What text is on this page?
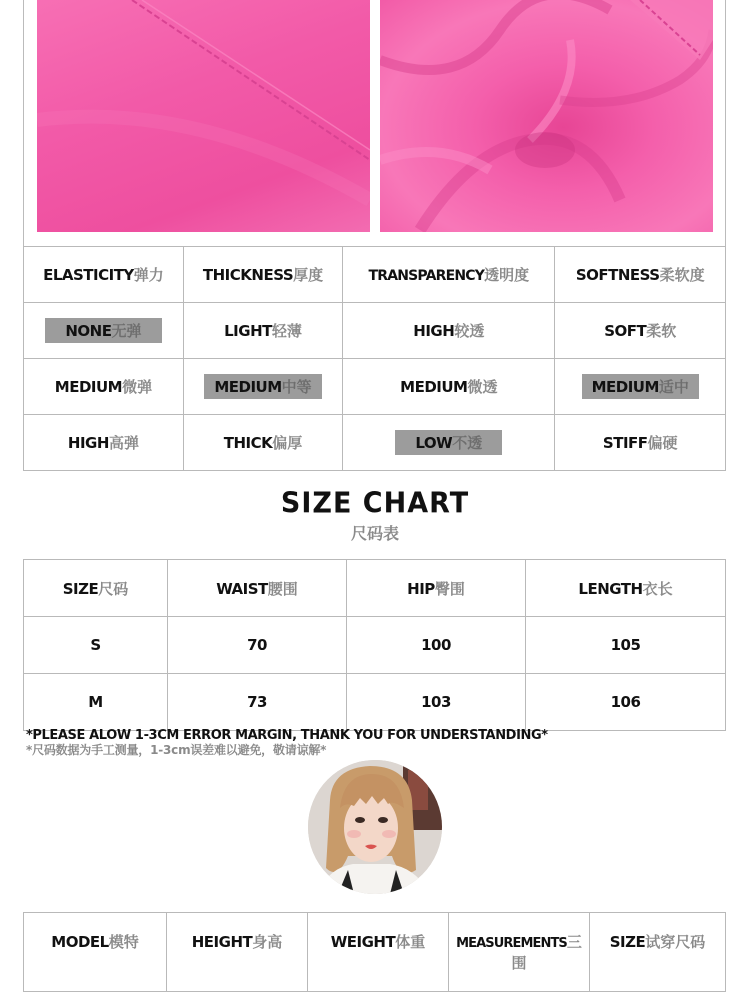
ELASTICITY弹力	THICKNESS厚度	TRANSPARENCY透明度	SOFTNESS柔软度
NONE无弹	LIGHT轻薄	HIGH较透	SOFT柔软
MEDIUM微弹	MEDIUM中等	MEDIUM微透	MEDIUM适中
HIGH高弹	THICK偏厚	LOW不透	STIFF偏硬
SIZE CHART
尺码表
SIZE尺码	WAIST腰围	HIP臀围	LENGTH衣长
S	70	100	105
M	73	103	106
*PLEASE ALOW 1-3CM ERROR MARGIN, THANK YOU FOR UNDERSTANDING*
*尺码数据为手工测量，1-3cm误差难以避免，敬请谅解*
MODEL模特	HEIGHT身高	WEIGHT体重	MEASUREMENTS三围	SIZE试穿尺码
